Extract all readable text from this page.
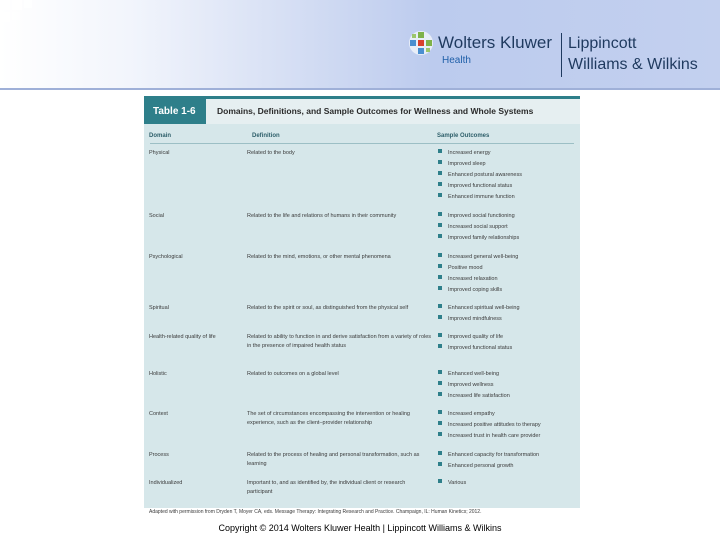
Wolters Kluwer
Health
Lippincott
Williams & Wilkins
Table 1-6	Domains, Definitions, and Sample Outcomes for Wellness and Whole Systems
Domain	Definition	Sample Outcomes
Physical	Related to the body	Increased energy
Improved sleep
Enhanced postural awareness
Improved functional status
Enhanced immune function
Social	Related to the life and relations of humans in their community	Improved social functioning
Increased social support
Improved family relationships
Psychological	Related to the mind, emotions, or other mental phenomena	Increased general well-being
Positive mood
Increased relaxation
Improved coping skills
Spiritual	Related to the spirit or soul, as distinguished from the physical self	Enhanced spiritual well-being
Improved mindfulness
Health-related quality of life	Related to ability to function in and derive satisfaction from a variety of roles in the presence of impaired health status
Improved quality of life
Improved functional status
Holistic	Related to outcomes on a global level	Enhanced well-being
Improved wellness
Increased life satisfaction
Context	The set of circumstances encompassing the intervention or healing experience, such as the client–provider relationship
Increased empathy
Increased positive attitudes to therapy
Increased trust in health care provider
Process	Related to the process of healing and personal transformation, such as learning
Enhanced capacity for transformation
Enhanced personal growth
Individualized	Important to, and as identified by, the individual client or research participant
Various
Adapted with permission from Dryden T, Moyer CA, eds. Message Therapy: Integrating Research and Practice. Champaign, IL: Human Kinetics; 2012.
Copyright © 2014 Wolters Kluwer Health | Lippincott Williams & Wilkins
